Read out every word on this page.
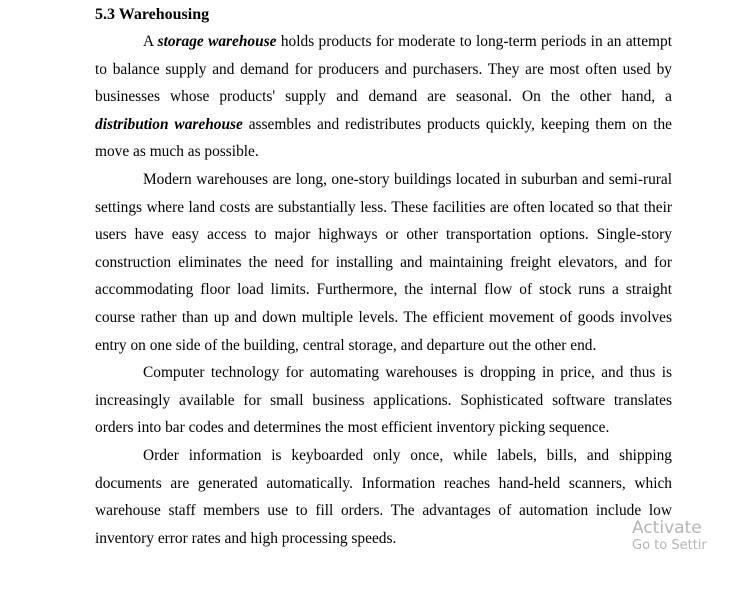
5.3 Warehousing

A storage warehouse holds products for moderate to long-term periods in an attempt to balance supply and demand for producers and purchasers. They are most often used by businesses whose products' supply and demand are seasonal. On the other hand, a distribution warehouse assembles and redistributes products quickly, keeping them on the move as much as possible.

Modern warehouses are long, one-story buildings located in suburban and semi-rural settings where land costs are substantially less. These facilities are often located so that their users have easy access to major highways or other transportation options. Single-story construction eliminates the need for installing and maintaining freight elevators, and for accommodating floor load limits. Furthermore, the internal flow of stock runs a straight course rather than up and down multiple levels. The efficient movement of goods involves entry on one side of the building, central storage, and departure out the other end.

Computer technology for automating warehouses is dropping in price, and thus is increasingly available for small business applications. Sophisticated software translates orders into bar codes and determines the most efficient inventory picking sequence.

Order information is keyboarded only once, while labels, bills, and shipping documents are generated automatically. Information reaches hand-held scanners, which warehouse staff members use to fill orders. The advantages of automation include low inventory error rates and high processing speeds.

Activate
Go to Settir
